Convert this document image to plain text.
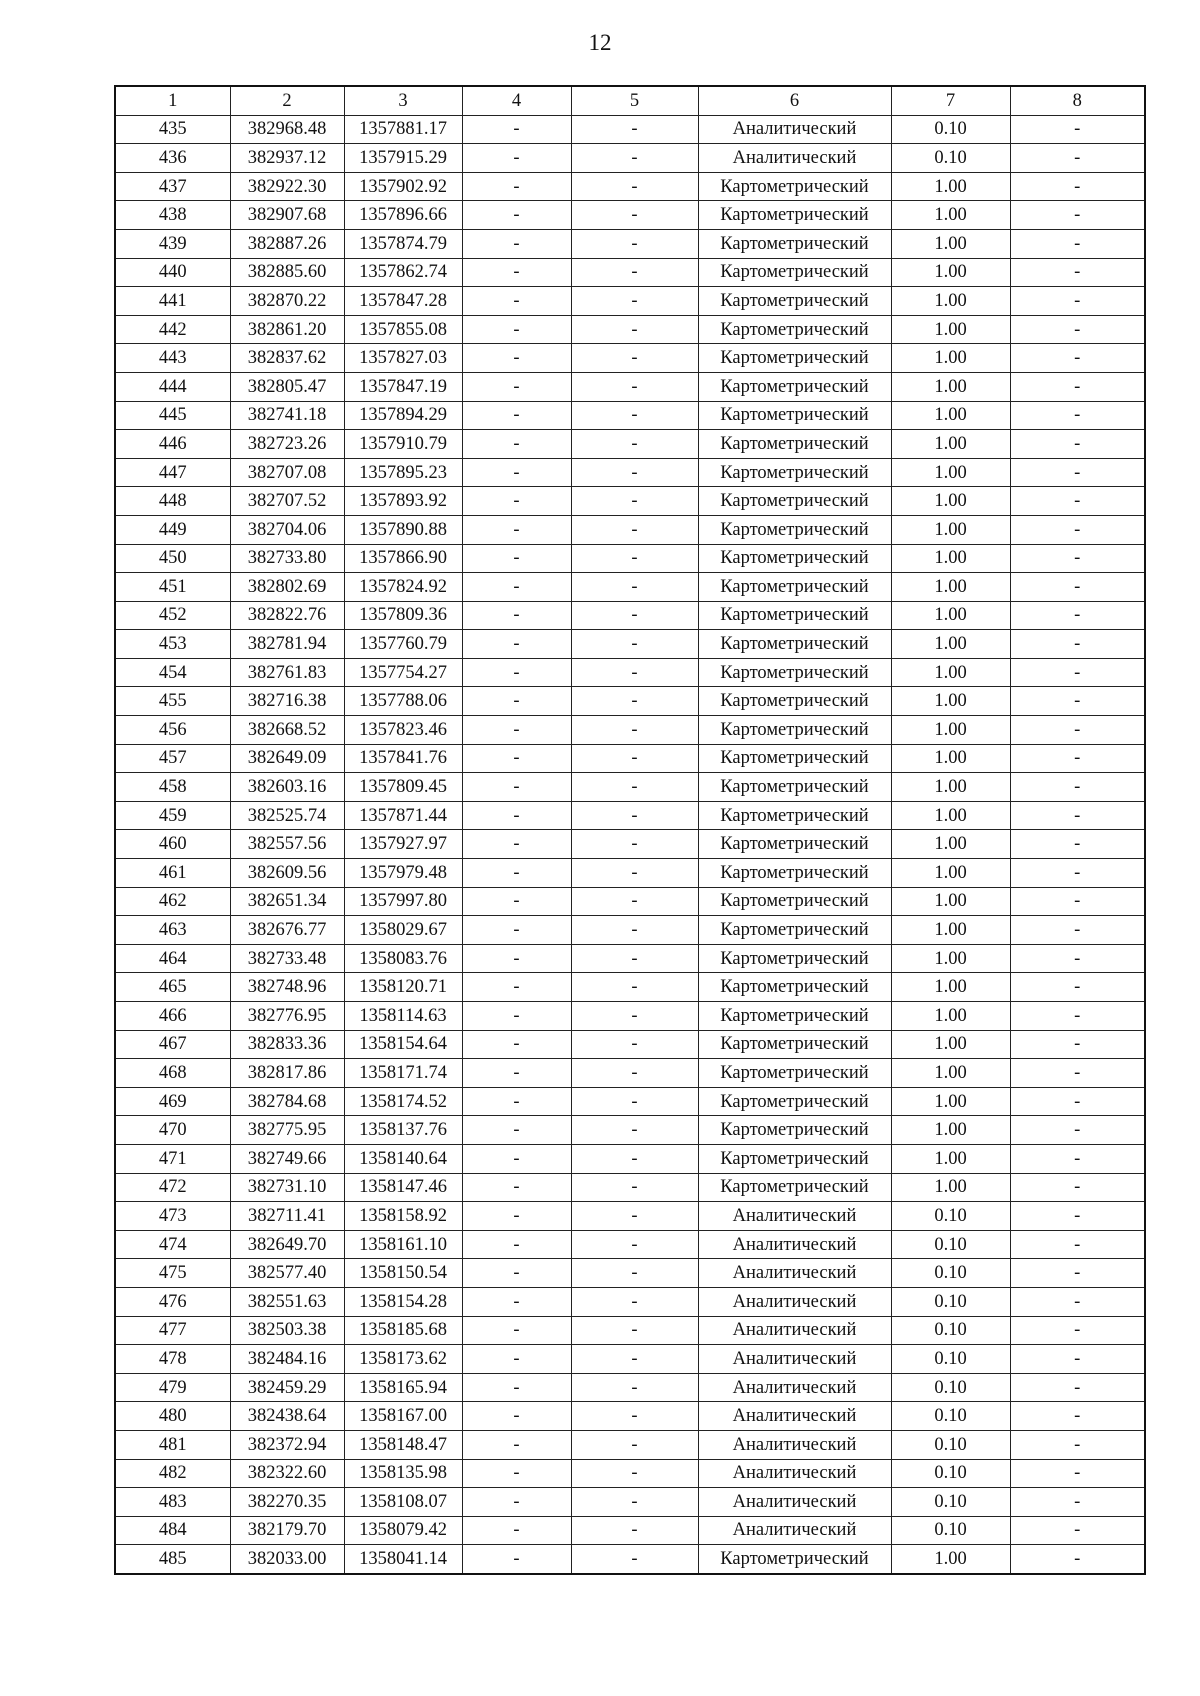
12
1	2	3	4	5	6	7	8
435	382968.48	1357881.17	-	-	Аналитический	0.10	-
436	382937.12	1357915.29	-	-	Аналитический	0.10	-
437	382922.30	1357902.92	-	-	Картометрический	1.00	-
438	382907.68	1357896.66	-	-	Картометрический	1.00	-
439	382887.26	1357874.79	-	-	Картометрический	1.00	-
440	382885.60	1357862.74	-	-	Картометрический	1.00	-
441	382870.22	1357847.28	-	-	Картометрический	1.00	-
442	382861.20	1357855.08	-	-	Картометрический	1.00	-
443	382837.62	1357827.03	-	-	Картометрический	1.00	-
444	382805.47	1357847.19	-	-	Картометрический	1.00	-
445	382741.18	1357894.29	-	-	Картометрический	1.00	-
446	382723.26	1357910.79	-	-	Картометрический	1.00	-
447	382707.08	1357895.23	-	-	Картометрический	1.00	-
448	382707.52	1357893.92	-	-	Картометрический	1.00	-
449	382704.06	1357890.88	-	-	Картометрический	1.00	-
450	382733.80	1357866.90	-	-	Картометрический	1.00	-
451	382802.69	1357824.92	-	-	Картометрический	1.00	-
452	382822.76	1357809.36	-	-	Картометрический	1.00	-
453	382781.94	1357760.79	-	-	Картометрический	1.00	-
454	382761.83	1357754.27	-	-	Картометрический	1.00	-
455	382716.38	1357788.06	-	-	Картометрический	1.00	-
456	382668.52	1357823.46	-	-	Картометрический	1.00	-
457	382649.09	1357841.76	-	-	Картометрический	1.00	-
458	382603.16	1357809.45	-	-	Картометрический	1.00	-
459	382525.74	1357871.44	-	-	Картометрический	1.00	-
460	382557.56	1357927.97	-	-	Картометрический	1.00	-
461	382609.56	1357979.48	-	-	Картометрический	1.00	-
462	382651.34	1357997.80	-	-	Картометрический	1.00	-
463	382676.77	1358029.67	-	-	Картометрический	1.00	-
464	382733.48	1358083.76	-	-	Картометрический	1.00	-
465	382748.96	1358120.71	-	-	Картометрический	1.00	-
466	382776.95	1358114.63	-	-	Картометрический	1.00	-
467	382833.36	1358154.64	-	-	Картометрический	1.00	-
468	382817.86	1358171.74	-	-	Картометрический	1.00	-
469	382784.68	1358174.52	-	-	Картометрический	1.00	-
470	382775.95	1358137.76	-	-	Картометрический	1.00	-
471	382749.66	1358140.64	-	-	Картометрический	1.00	-
472	382731.10	1358147.46	-	-	Картометрический	1.00	-
473	382711.41	1358158.92	-	-	Аналитический	0.10	-
474	382649.70	1358161.10	-	-	Аналитический	0.10	-
475	382577.40	1358150.54	-	-	Аналитический	0.10	-
476	382551.63	1358154.28	-	-	Аналитический	0.10	-
477	382503.38	1358185.68	-	-	Аналитический	0.10	-
478	382484.16	1358173.62	-	-	Аналитический	0.10	-
479	382459.29	1358165.94	-	-	Аналитический	0.10	-
480	382438.64	1358167.00	-	-	Аналитический	0.10	-
481	382372.94	1358148.47	-	-	Аналитический	0.10	-
482	382322.60	1358135.98	-	-	Аналитический	0.10	-
483	382270.35	1358108.07	-	-	Аналитический	0.10	-
484	382179.70	1358079.42	-	-	Аналитический	0.10	-
485	382033.00	1358041.14	-	-	Картометрический	1.00	-
